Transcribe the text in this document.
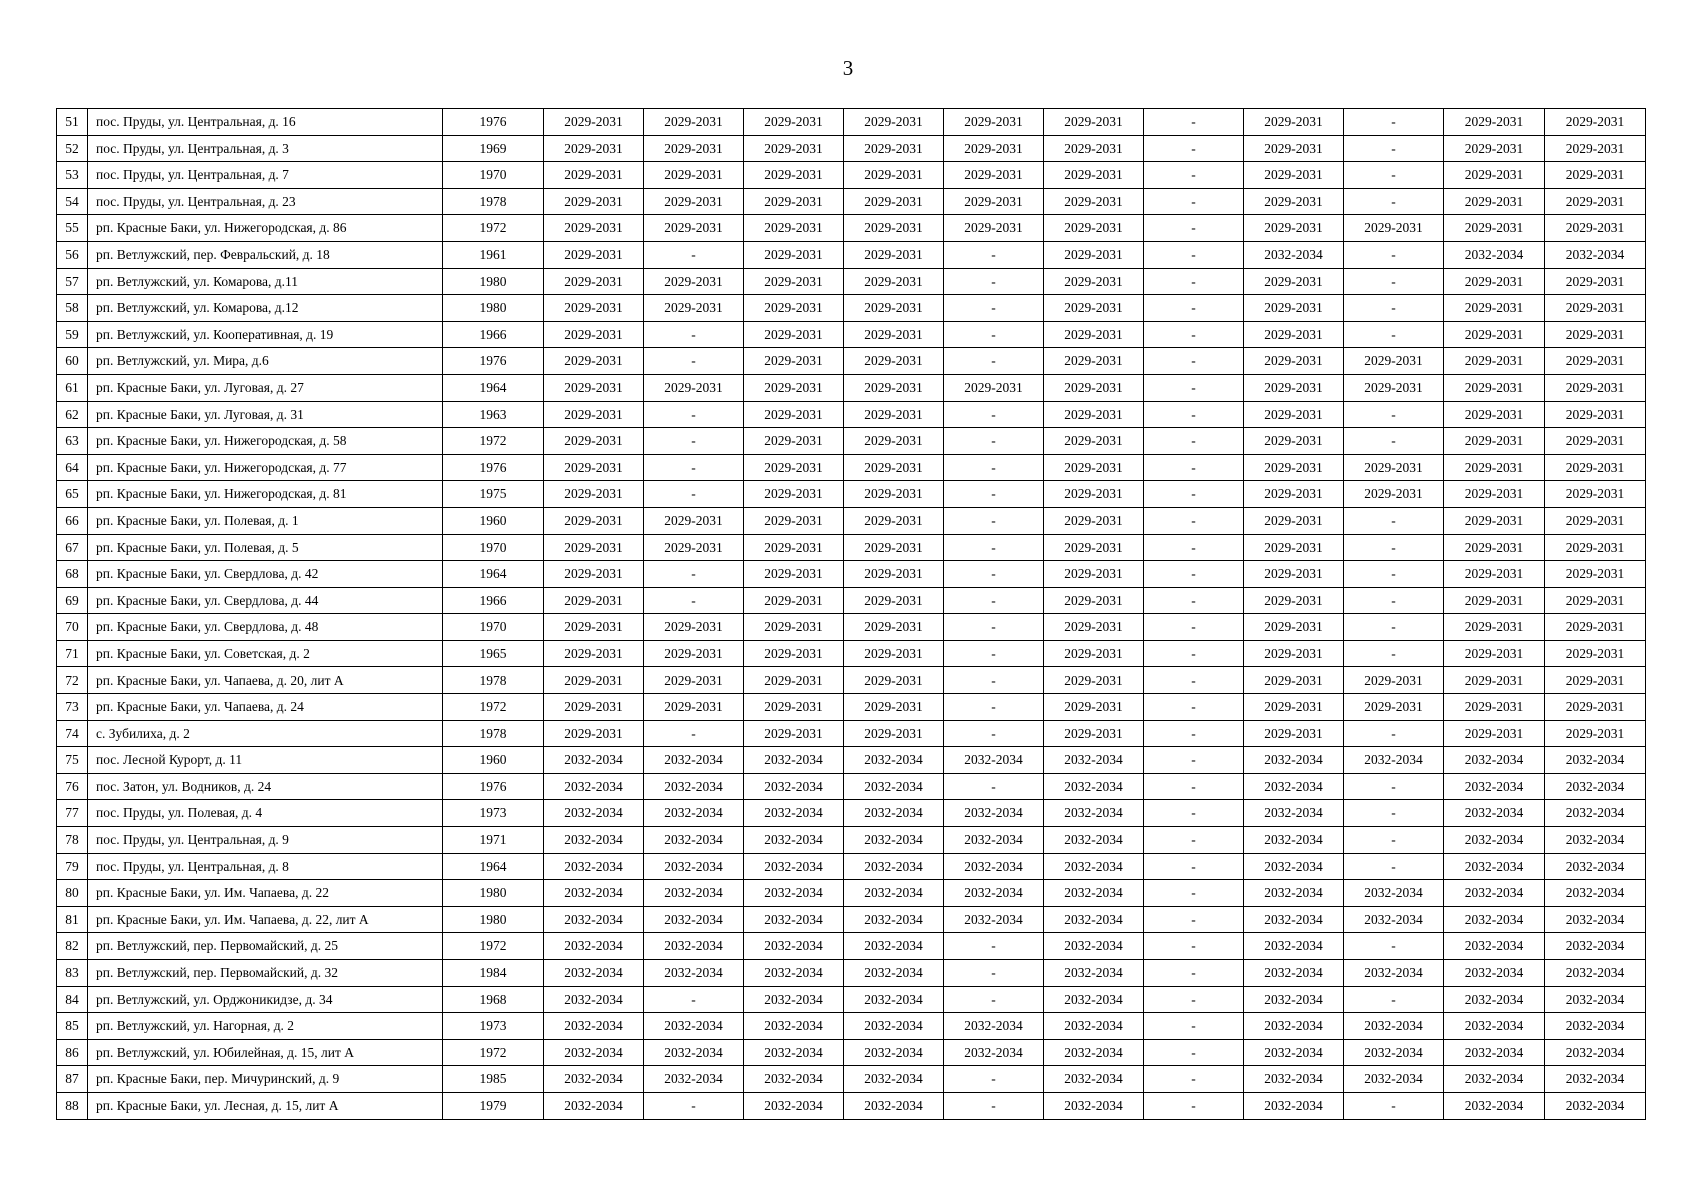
3
51	пос. Пруды, ул. Центральная, д. 16	1976	2029-2031	2029-2031	2029-2031	2029-2031	2029-2031	2029-2031	-	2029-2031	-	2029-2031	2029-2031
52	пос. Пруды, ул. Центральная, д. 3	1969	2029-2031	2029-2031	2029-2031	2029-2031	2029-2031	2029-2031	-	2029-2031	-	2029-2031	2029-2031
53	пос. Пруды, ул. Центральная, д. 7	1970	2029-2031	2029-2031	2029-2031	2029-2031	2029-2031	2029-2031	-	2029-2031	-	2029-2031	2029-2031
54	пос. Пруды, ул. Центральная, д. 23	1978	2029-2031	2029-2031	2029-2031	2029-2031	2029-2031	2029-2031	-	2029-2031	-	2029-2031	2029-2031
55	рп. Красные Баки, ул. Нижегородская, д. 86	1972	2029-2031	2029-2031	2029-2031	2029-2031	2029-2031	2029-2031	-	2029-2031	2029-2031	2029-2031	2029-2031
56	рп. Ветлужский, пер. Февральский, д. 18	1961	2029-2031	-	2029-2031	2029-2031	-	2029-2031	-	2032-2034	-	2032-2034	2032-2034
57	рп. Ветлужский, ул. Комарова, д.11	1980	2029-2031	2029-2031	2029-2031	2029-2031	-	2029-2031	-	2029-2031	-	2029-2031	2029-2031
58	рп. Ветлужский, ул. Комарова, д.12	1980	2029-2031	2029-2031	2029-2031	2029-2031	-	2029-2031	-	2029-2031	-	2029-2031	2029-2031
59	рп. Ветлужский, ул. Кооперативная, д. 19	1966	2029-2031	-	2029-2031	2029-2031	-	2029-2031	-	2029-2031	-	2029-2031	2029-2031
60	рп. Ветлужский, ул. Мира, д.6	1976	2029-2031	-	2029-2031	2029-2031	-	2029-2031	-	2029-2031	2029-2031	2029-2031	2029-2031
61	рп. Красные Баки, ул. Луговая, д. 27	1964	2029-2031	2029-2031	2029-2031	2029-2031	2029-2031	2029-2031	-	2029-2031	2029-2031	2029-2031	2029-2031
62	рп. Красные Баки, ул. Луговая, д. 31	1963	2029-2031	-	2029-2031	2029-2031	-	2029-2031	-	2029-2031	-	2029-2031	2029-2031
63	рп. Красные Баки, ул. Нижегородская, д. 58	1972	2029-2031	-	2029-2031	2029-2031	-	2029-2031	-	2029-2031	-	2029-2031	2029-2031
64	рп. Красные Баки, ул. Нижегородская, д. 77	1976	2029-2031	-	2029-2031	2029-2031	-	2029-2031	-	2029-2031	2029-2031	2029-2031	2029-2031
65	рп. Красные Баки, ул. Нижегородская, д. 81	1975	2029-2031	-	2029-2031	2029-2031	-	2029-2031	-	2029-2031	2029-2031	2029-2031	2029-2031
66	рп. Красные Баки, ул. Полевая, д. 1	1960	2029-2031	2029-2031	2029-2031	2029-2031	-	2029-2031	-	2029-2031	-	2029-2031	2029-2031
67	рп. Красные Баки, ул. Полевая, д. 5	1970	2029-2031	2029-2031	2029-2031	2029-2031	-	2029-2031	-	2029-2031	-	2029-2031	2029-2031
68	рп. Красные Баки, ул. Свердлова, д. 42	1964	2029-2031	-	2029-2031	2029-2031	-	2029-2031	-	2029-2031	-	2029-2031	2029-2031
69	рп. Красные Баки, ул. Свердлова, д. 44	1966	2029-2031	-	2029-2031	2029-2031	-	2029-2031	-	2029-2031	-	2029-2031	2029-2031
70	рп. Красные Баки, ул. Свердлова, д. 48	1970	2029-2031	2029-2031	2029-2031	2029-2031	-	2029-2031	-	2029-2031	-	2029-2031	2029-2031
71	рп. Красные Баки, ул. Советская, д. 2	1965	2029-2031	2029-2031	2029-2031	2029-2031	-	2029-2031	-	2029-2031	-	2029-2031	2029-2031
72	рп. Красные Баки, ул. Чапаева, д. 20, лит А	1978	2029-2031	2029-2031	2029-2031	2029-2031	-	2029-2031	-	2029-2031	2029-2031	2029-2031	2029-2031
73	рп. Красные Баки, ул. Чапаева, д. 24	1972	2029-2031	2029-2031	2029-2031	2029-2031	-	2029-2031	-	2029-2031	2029-2031	2029-2031	2029-2031
74	с. Зубилиха, д. 2	1978	2029-2031	-	2029-2031	2029-2031	-	2029-2031	-	2029-2031	-	2029-2031	2029-2031
75	пос. Лесной Курорт, д. 11	1960	2032-2034	2032-2034	2032-2034	2032-2034	2032-2034	2032-2034	-	2032-2034	2032-2034	2032-2034	2032-2034
76	пос. Затон, ул. Водников, д. 24	1976	2032-2034	2032-2034	2032-2034	2032-2034	-	2032-2034	-	2032-2034	-	2032-2034	2032-2034
77	пос. Пруды, ул. Полевая, д. 4	1973	2032-2034	2032-2034	2032-2034	2032-2034	2032-2034	2032-2034	-	2032-2034	-	2032-2034	2032-2034
78	пос. Пруды, ул. Центральная, д. 9	1971	2032-2034	2032-2034	2032-2034	2032-2034	2032-2034	2032-2034	-	2032-2034	-	2032-2034	2032-2034
79	пос. Пруды, ул. Центральная, д. 8	1964	2032-2034	2032-2034	2032-2034	2032-2034	2032-2034	2032-2034	-	2032-2034	-	2032-2034	2032-2034
80	рп. Красные Баки, ул. Им. Чапаева, д. 22	1980	2032-2034	2032-2034	2032-2034	2032-2034	2032-2034	2032-2034	-	2032-2034	2032-2034	2032-2034	2032-2034
81	рп. Красные Баки, ул. Им. Чапаева, д. 22, лит А	1980	2032-2034	2032-2034	2032-2034	2032-2034	2032-2034	2032-2034	-	2032-2034	2032-2034	2032-2034	2032-2034
82	рп. Ветлужский, пер. Первомайский, д. 25	1972	2032-2034	2032-2034	2032-2034	2032-2034	-	2032-2034	-	2032-2034	-	2032-2034	2032-2034
83	рп. Ветлужский, пер. Первомайский, д. 32	1984	2032-2034	2032-2034	2032-2034	2032-2034	-	2032-2034	-	2032-2034	2032-2034	2032-2034	2032-2034
84	рп. Ветлужский, ул. Орджоникидзе, д. 34	1968	2032-2034	-	2032-2034	2032-2034	-	2032-2034	-	2032-2034	-	2032-2034	2032-2034
85	рп. Ветлужский, ул. Нагорная, д. 2	1973	2032-2034	2032-2034	2032-2034	2032-2034	2032-2034	2032-2034	-	2032-2034	2032-2034	2032-2034	2032-2034
86	рп. Ветлужский, ул. Юбилейная, д. 15, лит А	1972	2032-2034	2032-2034	2032-2034	2032-2034	2032-2034	2032-2034	-	2032-2034	2032-2034	2032-2034	2032-2034
87	рп. Красные Баки, пер. Мичуринский, д. 9	1985	2032-2034	2032-2034	2032-2034	2032-2034	-	2032-2034	-	2032-2034	2032-2034	2032-2034	2032-2034
88	рп. Красные Баки, ул. Лесная, д. 15, лит А	1979	2032-2034	-	2032-2034	2032-2034	-	2032-2034	-	2032-2034	-	2032-2034	2032-2034
